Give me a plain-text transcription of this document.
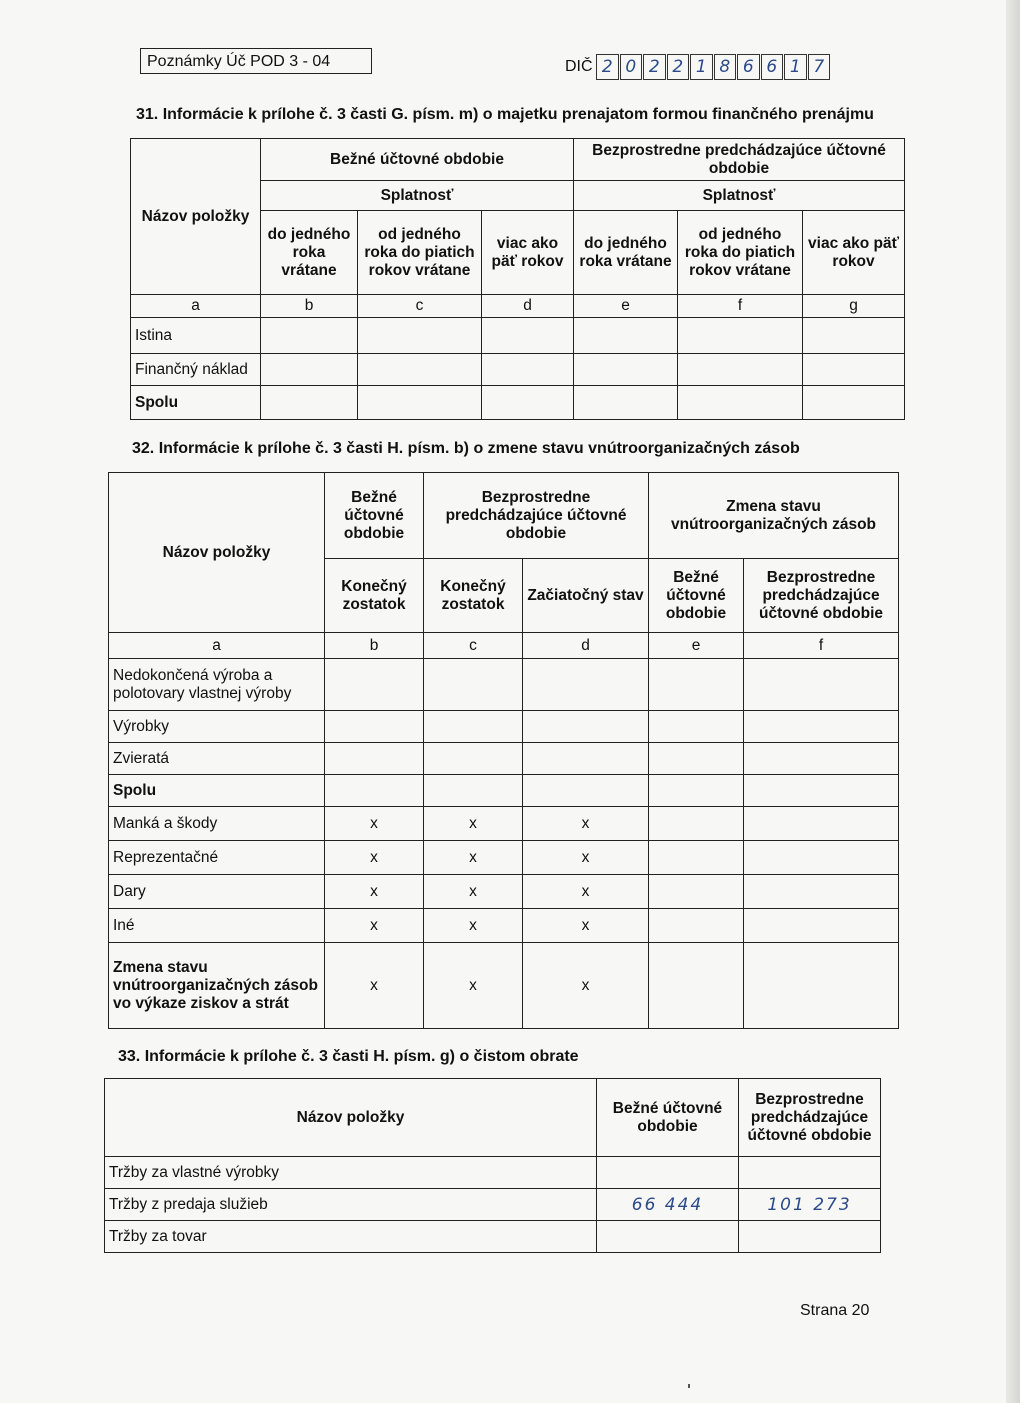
Poznámky Úč POD 3 - 04	DIČ 2 0 2 2 1 8 6 6 1 7
31. Informácie k prílohe č. 3 časti G. písm. m) o majetku prenajatom formou finančného prenájmu
Názov položky	Bežné účtovné obdobie			Bezprostredne predchádzajúce účtovné obdobie		
	Splatnosť			Splatnosť		
	do jedného roka vrátane	od jedného roka do piatich rokov vrátane	viac ako päť rokov	do jedného roka vrátane	od jedného roka do piatich rokov vrátane	viac ako päť rokov
a	b	c	d	e	f	g
Istina						
Finančný náklad						
Spolu						
32. Informácie k prílohe č. 3 časti H. písm. b) o zmene stavu vnútroorganizačných zásob
Názov položky	Bežné účtovné obdobie	Bezprostredne predchádzajúce účtovné obdobie		Zmena stavu vnútroorganizačných zásob	
	Konečný zostatok	Konečný zostatok	Začiatočný stav	Bežné účtovné obdobie	Bezprostredne predchádzajúce účtovné obdobie
a	b	c	d	e	f
Nedokončená výroba a polotovary vlastnej výroby					
Výrobky					
Zvieratá					
Spolu					
Manká a škody	x	x	x		
Reprezentačné	x	x	x		
Dary	x	x	x		
Iné	x	x	x		
Zmena stavu vnútroorganizačných zásob vo výkaze ziskov a strát	x	x	x		
33. Informácie k prílohe č. 3 časti H. písm. g) o čistom obrate
Názov položky	Bežné účtovné obdobie	Bezprostredne predchádzajúce účtovné obdobie
Tržby za vlastné výrobky		
Tržby z predaja služieb	66 444	101 273
Tržby za tovar		
Strana 20
